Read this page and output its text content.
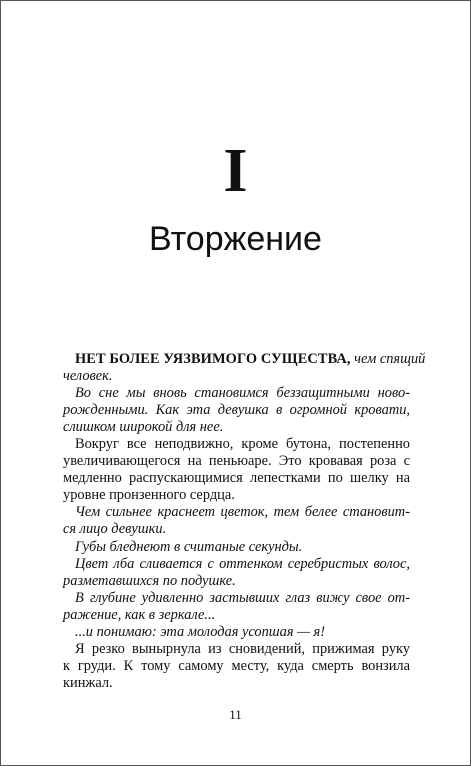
I
Вторжение
НЕТ БОЛЕЕ УЯЗВИМОГО СУЩЕСТВА, чем спящий
человек.
Во сне мы вновь становимся беззащитными ново-
рожденными. Как эта девушка в огромной кровати,
слишком широкой для нее.
Вокруг все неподвижно, кроме бутона, постепенно
увеличивающегося на пеньюаре. Это кровавая роза с
медленно распускающимися лепестками по шелку на
уровне пронзенного сердца.
Чем сильнее краснеет цветок, тем белее становит-
ся лицо девушки.
Губы бледнеют в считаные секунды.
Цвет лба сливается с оттенком серебристых волос,
разметавшихся по подушке.
В глубине удивленно застывших глаз вижу свое от-
ражение, как в зеркале...
...и понимаю: эта молодая усопшая — я!
Я резко вынырнула из сновидений, прижимая руку
к груди. К тому самому месту, куда смерть вонзила
кинжал.
11
